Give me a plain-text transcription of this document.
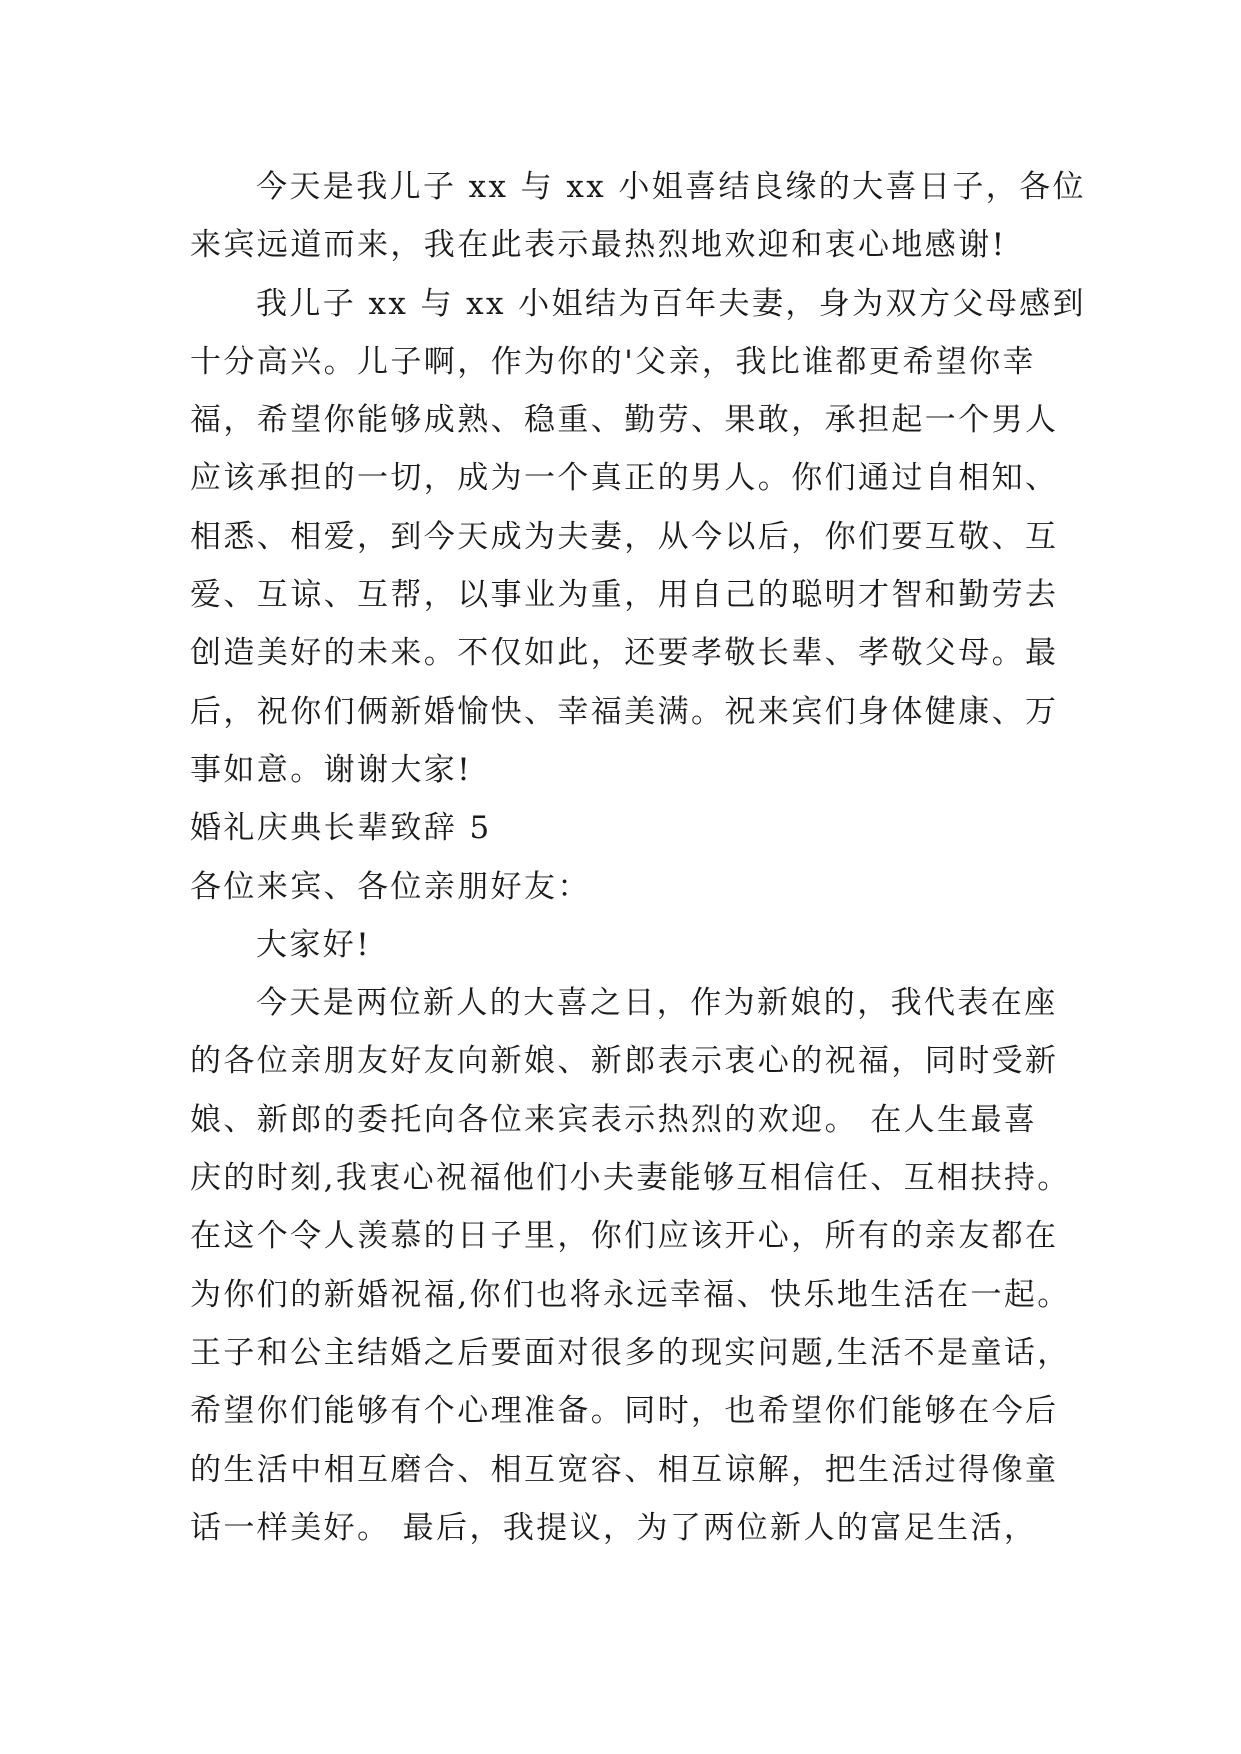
今天是我儿子 xx 与 xx 小姐喜结良缘的大喜日子，各位
来宾远道而来，我在此表示最热烈地欢迎和衷心地感谢!
我儿子 xx 与 xx 小姐结为百年夫妻，身为双方父母感到
十分高兴。儿子啊，作为你的'父亲，我比谁都更希望你幸
福，希望你能够成熟、稳重、勤劳、果敢，承担起一个男人
应该承担的一切，成为一个真正的男人。你们通过自相知、
相悉、相爱，到今天成为夫妻，从今以后，你们要互敬、互
爱、互谅、互帮，以事业为重，用自己的聪明才智和勤劳去
创造美好的未来。不仅如此，还要孝敬长辈、孝敬父母。最
后，祝你们俩新婚愉快、幸福美满。祝来宾们身体健康、万
事如意。谢谢大家!
婚礼庆典长辈致辞 5
各位来宾、各位亲朋好友：
大家好!
今天是两位新人的大喜之日，作为新娘的，我代表在座
的各位亲朋友好友向新娘、新郎表示衷心的祝福，同时受新
娘、新郎的委托向各位来宾表示热烈的欢迎。 在人生最喜
庆的时刻,我衷心祝福他们小夫妻能够互相信任、互相扶持。
在这个令人羡慕的日子里，你们应该开心，所有的亲友都在
为你们的新婚祝福,你们也将永远幸福、快乐地生活在一起。
王子和公主结婚之后要面对很多的现实问题,生活不是童话，
希望你们能够有个心理准备。同时，也希望你们能够在今后
的生活中相互磨合、相互宽容、相互谅解，把生活过得像童
话一样美好。 最后，我提议，为了两位新人的富足生活，
